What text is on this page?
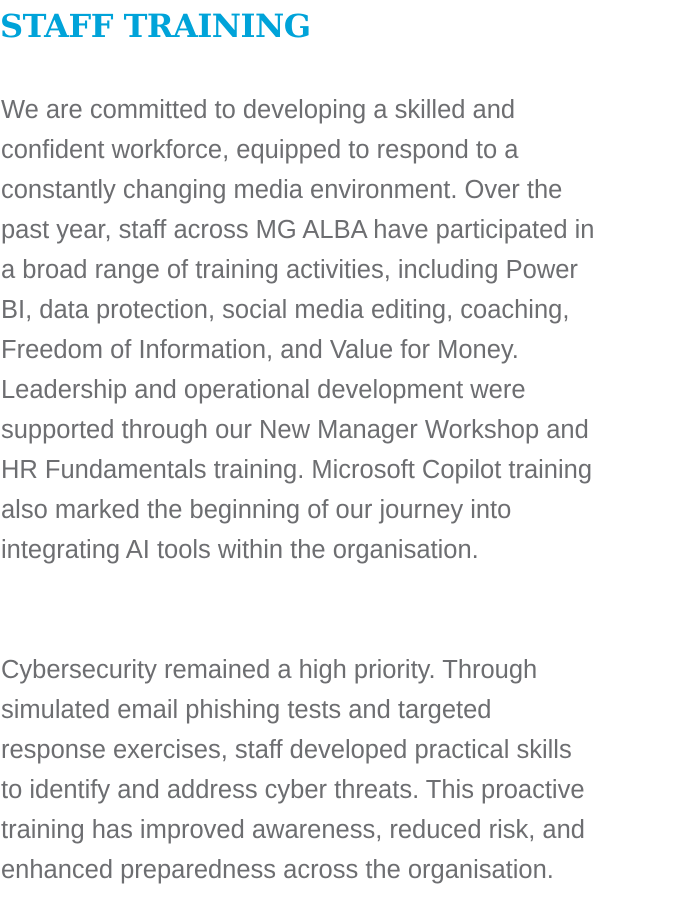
STAFF TRAINING

We are committed to developing a skilled and
confident workforce, equipped to respond to a
constantly changing media environment. Over the
past year, staff across MG ALBA have participated in
a broad range of training activities, including Power
BI, data protection, social media editing, coaching,
Freedom of Information, and Value for Money.
Leadership and operational development were
supported through our New Manager Workshop and
HR Fundamentals training. Microsoft Copilot training
also marked the beginning of our journey into
integrating AI tools within the organisation.

Cybersecurity remained a high priority. Through
simulated email phishing tests and targeted
response exercises, staff developed practical skills
to identify and address cyber threats. This proactive
training has improved awareness, reduced risk, and
enhanced preparedness across the organisation.
